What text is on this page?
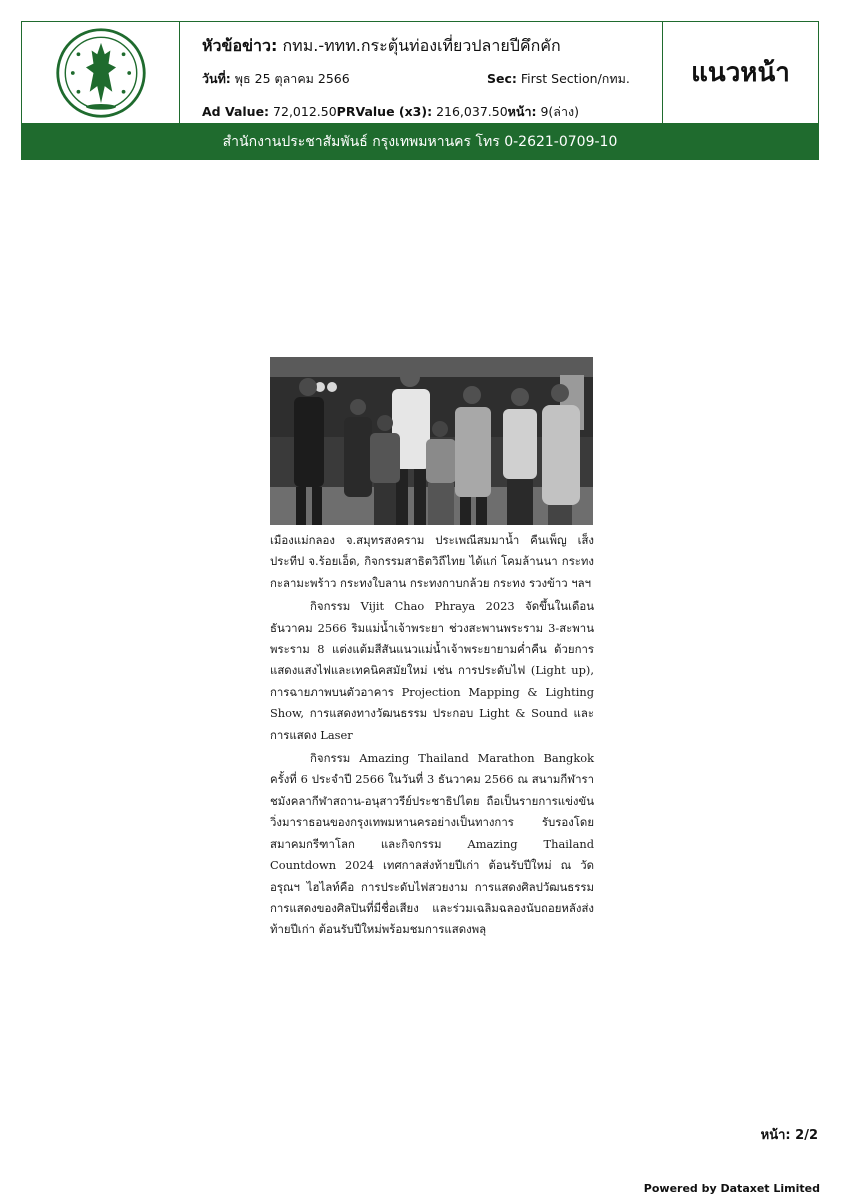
หัวข้อข่าว: กทม.-ททท.กระตุ้นท่องเที่ยวปลายปีคึกคัก
วันที่: พุธ 25 ตุลาคม 2566	Sec: First Section/กทม.
Ad Value: 72,012.50PRValue (x3): 216,037.50หน้า: 9(ล่าง)
แนวหน้า
สำนักงานประชาสัมพันธ์ กรุงเทพมหานคร โทร 0-2621-0709-10

เมืองแม่กลอง จ.สมุทรสงคราม ประเพณีสมมาน้ำ คืนเพ็ญ เส็งประทีป จ.ร้อยเอ็ด, กิจกรรมสาธิตวิถีไทย ได้แก่ โคมล้านนา กระทงกะลามะพร้าว กระทงใบลาน กระทงกาบกล้วย กระทง รวงข้าว ฯลฯ

กิจกรรม Vijit Chao Phraya 2023 จัดขึ้นในเดือน ธันวาคม 2566 ริมแม่น้ำเจ้าพระยา ช่วงสะพานพระราม 3-สะพานพระราม 8 แต่งแต้มสีสันแนวแม่น้ำเจ้าพระยายามค่ำคืน ด้วยการแสดงแสงไฟและเทคนิคสมัยใหม่ เช่น การประดับไฟ (Light up), การฉายภาพบนตัวอาคาร Projection Mapping & Lighting Show, การแสดงทางวัฒนธรรม ประกอบ Light & Sound และการแสดง Laser

กิจกรรม Amazing Thailand Marathon Bangkok ครั้งที่ 6 ประจำปี 2566 ในวันที่ 3 ธันวาคม 2566 ณ สนามกีฬาราชมังคลากีฬาสถาน-อนุสาวรีย์ประชาธิปไตย ถือเป็นรายการแข่งขันวิ่งมาราธอนของกรุงเทพมหานครอย่างเป็นทางการ รับรองโดยสมาคมกรีฑาโลก และกิจกรรม Amazing Thailand Countdown 2024 เทศกาลส่งท้ายปีเก่า ต้อนรับปีใหม่ ณ วัดอรุณฯ ไฮไลท์คือ การประดับไฟสวยงาม การแสดงศิลปวัฒนธรรม การแสดงของศิลปินที่มีชื่อเสียง และร่วมเฉลิมฉลองนับถอยหลังส่งท้ายปีเก่า ต้อนรับปีใหม่พร้อมชมการแสดงพลุ

หน้า: 2/2
Powered by Dataxet Limited
